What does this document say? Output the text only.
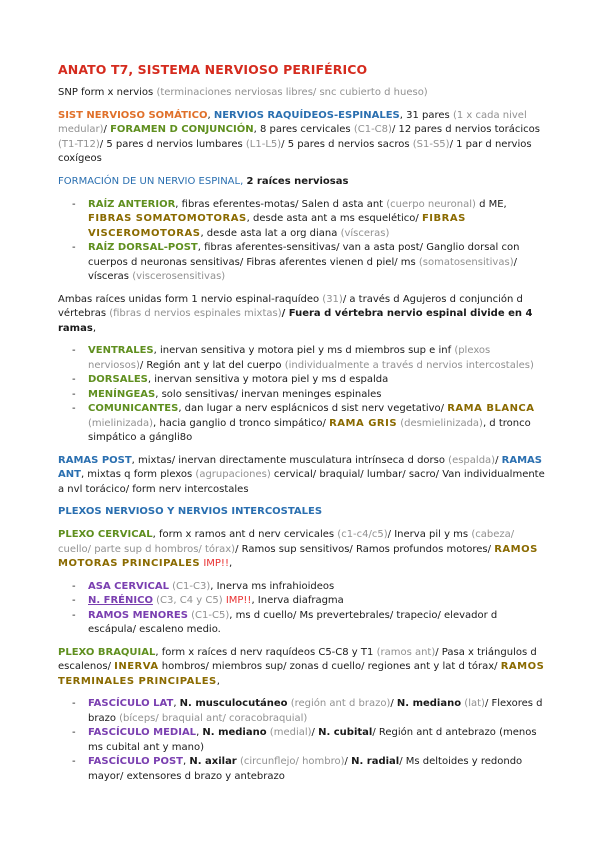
ANATO T7, SISTEMA NERVIOSO PERIFÉRICO

SNP form x nervios (terminaciones nerviosas libres/ snc cubierto d hueso)

SIST NERVIOSO SOMÁTICO, NERVIOS RAQUÍDEOS-ESPINALES, 31 pares (1 x cada nivel medular)/ FORAMEN D CONJUNCIÓN, 8 pares cervicales (C1-C8)/ 12 pares d nervios torácicos (T1-T12)/ 5 pares d nervios lumbares (L1-L5)/ 5 pares d nervios sacros (S1-S5)/ 1 par d nervios coxígeos

FORMACIÓN DE UN NERVIO ESPINAL, 2 raíces nerviosas
- RAÍZ ANTERIOR, fibras eferentes-motas/ Salen d asta ant (cuerpo neuronal) d ME, FIBRAS SOMATOMOTORAS, desde asta ant a ms esquelético/ FIBRAS VISCEROMOTORAS, desde asta lat a org diana (vísceras)
- RAÍZ DORSAL-POST, fibras aferentes-sensitivas/ van a asta post/ Ganglio dorsal con cuerpos d neuronas sensitivas/ Fibras aferentes vienen d piel/ ms (somatosensitivas)/ vísceras (viscerosensitivas)

Ambas raíces unidas form 1 nervio espinal-raquídeo (31)/ a través d Agujeros d conjunción d vértebras (fibras d nervios espinales mixtas)/ Fuera d vértebra nervio espinal divide en 4 ramas,

- VENTRALES, inervan sensitiva y motora piel y ms d miembros sup e inf (plexos nerviosos)/ Región ant y lat del cuerpo (individualmente a través d nervios intercostales)
- DORSALES, inervan sensitiva y motora piel y ms d espalda
- MENÍNGEAS, solo sensitivas/ inervan meninges espinales
- COMUNICANTES, dan lugar a nerv esplácnicos d sist nerv vegetativo/ RAMA BLANCA (mielinizada), hacia ganglio d tronco simpático/ RAMA GRIS (desmielinizada), d tronco simpático a gángli8o

RAMAS POST, mixtas/ inervan directamente musculatura intrínseca d dorso (espalda)/ RAMAS ANT, mixtas q form plexos (agrupaciones) cervical/ braquial/ lumbar/ sacro/ Van individualmente a nvl torácico/ form nerv intercostales

PLEXOS NERVIOSO Y NERVIOS INTERCOSTALES

PLEXO CERVICAL, form x ramos ant d nerv cervicales (c1-c4/c5)/ Inerva pil y ms (cabeza/ cuello/ parte sup d hombros/ tórax)/ Ramos sup sensitivos/ Ramos profundos motores/ RAMOS MOTORAS PRINCIPALES IMP!!,

- ASA CERVICAL (C1-C3), Inerva ms infrahioideos
- N. FRÉNICO (C3, C4 y C5) IMP!!, Inerva diafragma
- RAMOS MENORES (C1-C5), ms d cuello/ Ms prevertebrales/ trapecio/ elevador d escápula/ escaleno medio.

PLEXO BRAQUIAL, form x raíces d nerv raquídeos C5-C8 y T1 (ramos ant)/ Pasa x triángulos d escalenos/ INERVA hombros/ miembros sup/ zonas d cuello/ regiones ant y lat d tórax/ RAMOS TERMINALES PRINCIPALES,

- FASCÍCULO LAT, N. musculocutáneo (región ant d brazo)/ N. mediano (lat)/ Flexores d brazo (bíceps/ braquial ant/ coracobraquial)
- FASCÍCULO MEDIAL, N. mediano (medial)/ N. cubital/ Región ant d antebrazo (menos ms cubital ant y mano)
- FASCÍCULO POST, N. axilar (circunflejo/ hombro)/ N. radial/ Ms deltoides y redondo mayor/ extensores d brazo y antebrazo
